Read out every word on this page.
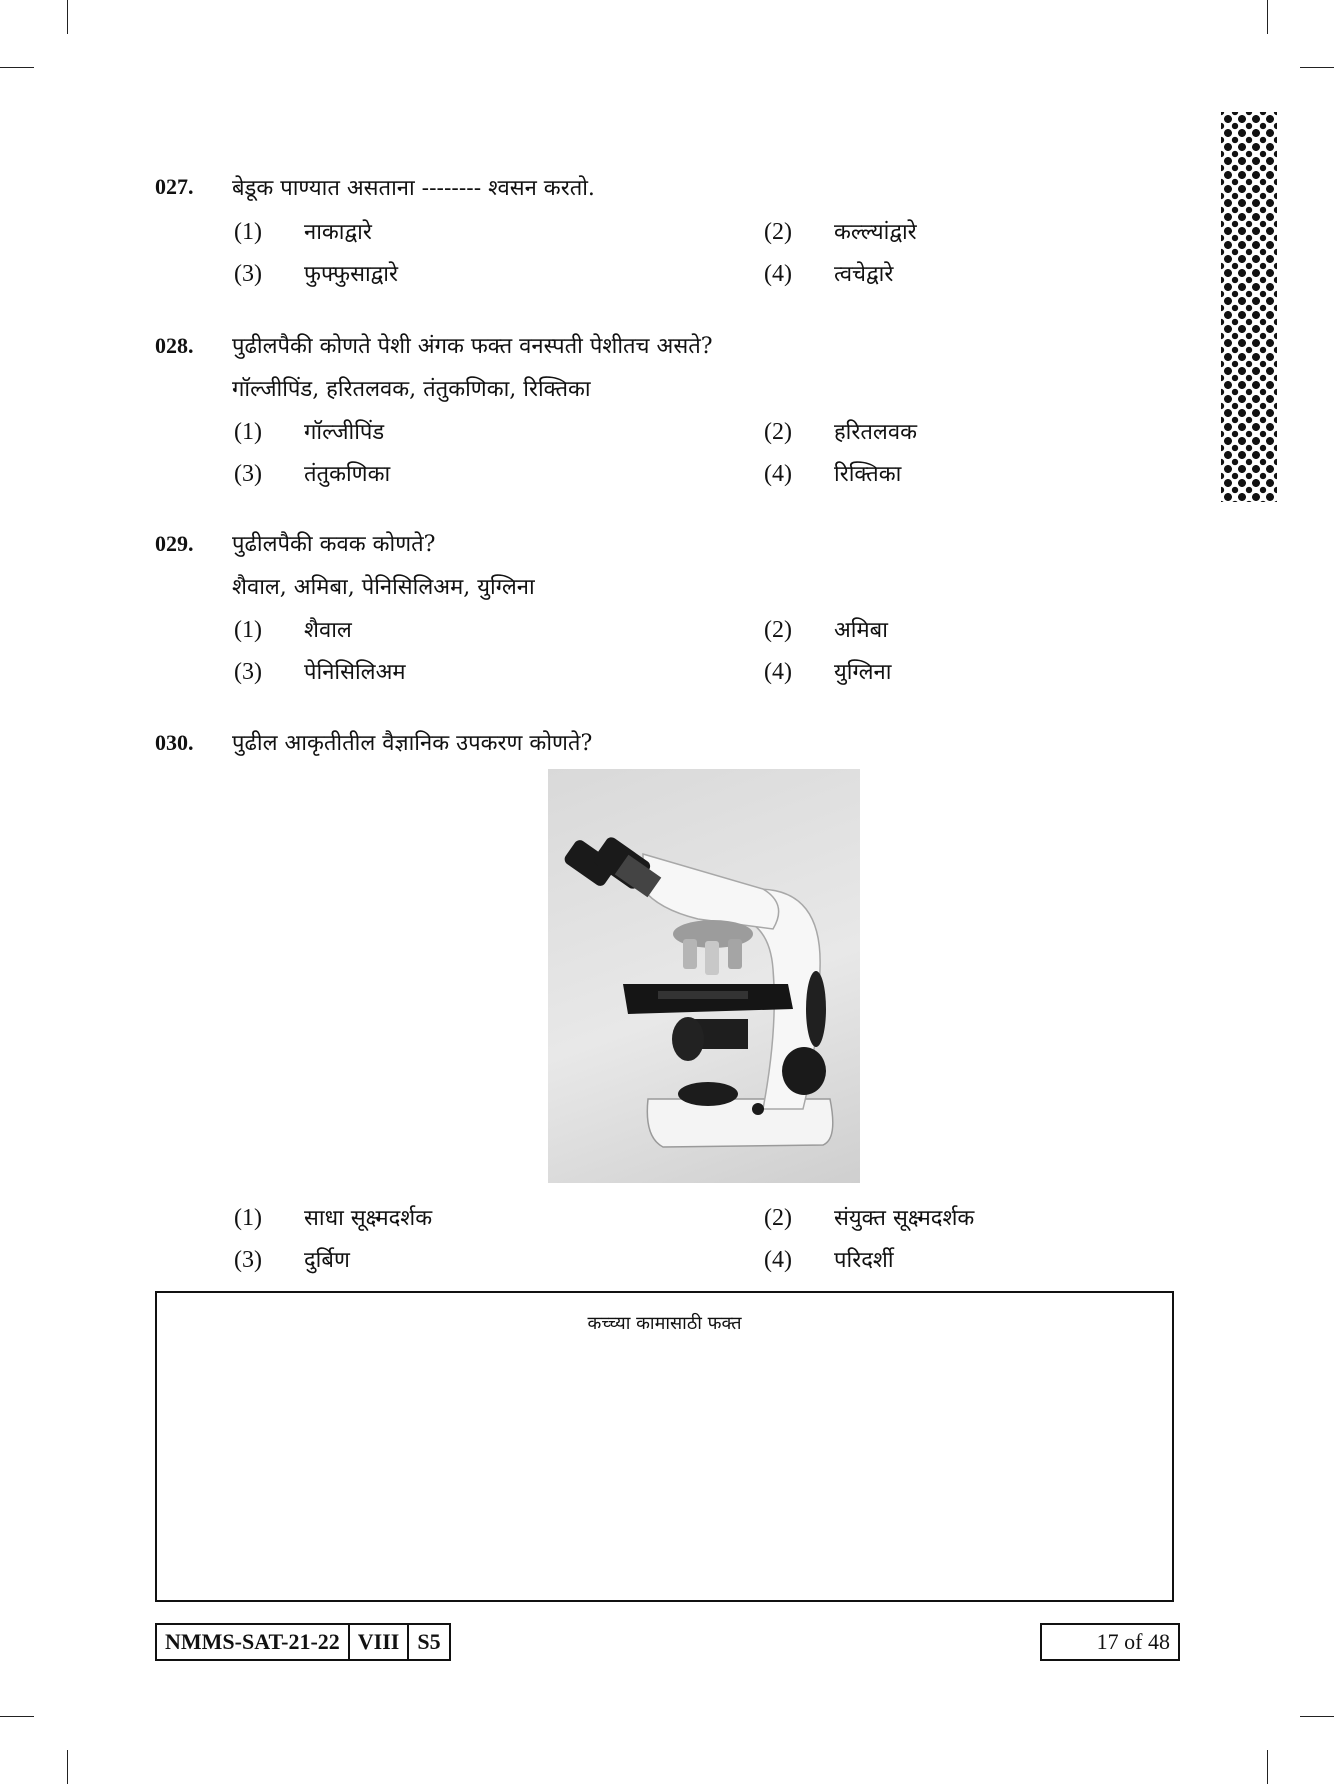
027. बेडूक पाण्यात असताना -------- श्वसन करतो.
(1) नाकाद्वारे	(2) कल्ल्यांद्वारे
(3) फुफ्फुसाद्वारे	(4) त्वचेद्वारे
028. पुढीलपैकी कोणते पेशी अंगक फक्त वनस्पती पेशीतच असते?
गॉल्जीपिंड, हरितलवक, तंतुकणिका, रिक्तिका
(1) गॉल्जीपिंड	(2) हरितलवक
(3) तंतुकणिका	(4) रिक्तिका
029. पुढीलपैकी कवक कोणते?
शैवाल, अमिबा, पेनिसिलिअम, युग्लिना
(1) शैवाल	(2) अमिबा
(3) पेनिसिलिअम	(4) युग्लिना
030. पुढील आकृतीतील वैज्ञानिक उपकरण कोणते?
(1) साधा सूक्ष्मदर्शक	(2) संयुक्त सूक्ष्मदर्शक
(3) दुर्बिण	(4) परिदर्शी
कच्च्या कामासाठी फक्त
NMMS-SAT-21-22 VIII S5	17 of 48
